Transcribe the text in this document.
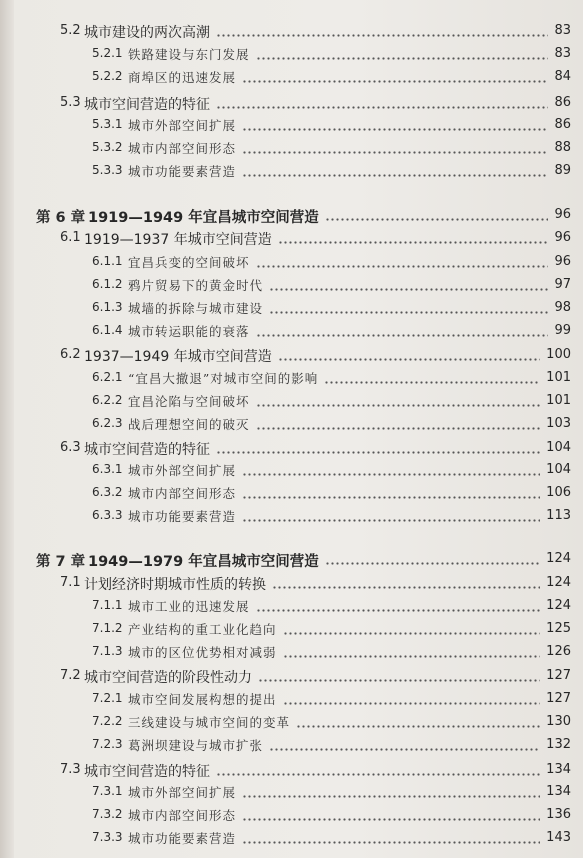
5.2 城市建设的两次高潮	83
5.2.1 铁路建设与东门发展	83
5.2.2 商埠区的迅速发展	84
5.3 城市空间营造的特征	86
5.3.1 城市外部空间扩展	86
5.3.2 城市内部空间形态	88
5.3.3 城市功能要素营造	89
第 6 章 1919—1949 年宜昌城市空间营造	96
6.1 1919—1937 年城市空间营造	96
6.1.1 宜昌兵变的空间破坏	96
6.1.2 鸦片贸易下的黄金时代	97
6.1.3 城墙的拆除与城市建设	98
6.1.4 城市转运职能的衰落	99
6.2 1937—1949 年城市空间营造	100
6.2.1 “宜昌大撤退”对城市空间的影响	101
6.2.2 宜昌沦陷与空间破坏	101
6.2.3 战后理想空间的破灭	103
6.3 城市空间营造的特征	104
6.3.1 城市外部空间扩展	104
6.3.2 城市内部空间形态	106
6.3.3 城市功能要素营造	113
第 7 章 1949—1979 年宜昌城市空间营造	124
7.1 计划经济时期城市性质的转换	124
7.1.1 城市工业的迅速发展	124
7.1.2 产业结构的重工业化趋向	125
7.1.3 城市的区位优势相对减弱	126
7.2 城市空间营造的阶段性动力	127
7.2.1 城市空间发展构想的提出	127
7.2.2 三线建设与城市空间的变革	130
7.2.3 葛洲坝建设与城市扩张	132
7.3 城市空间营造的特征	134
7.3.1 城市外部空间扩展	134
7.3.2 城市内部空间形态	136
7.3.3 城市功能要素营造	143
